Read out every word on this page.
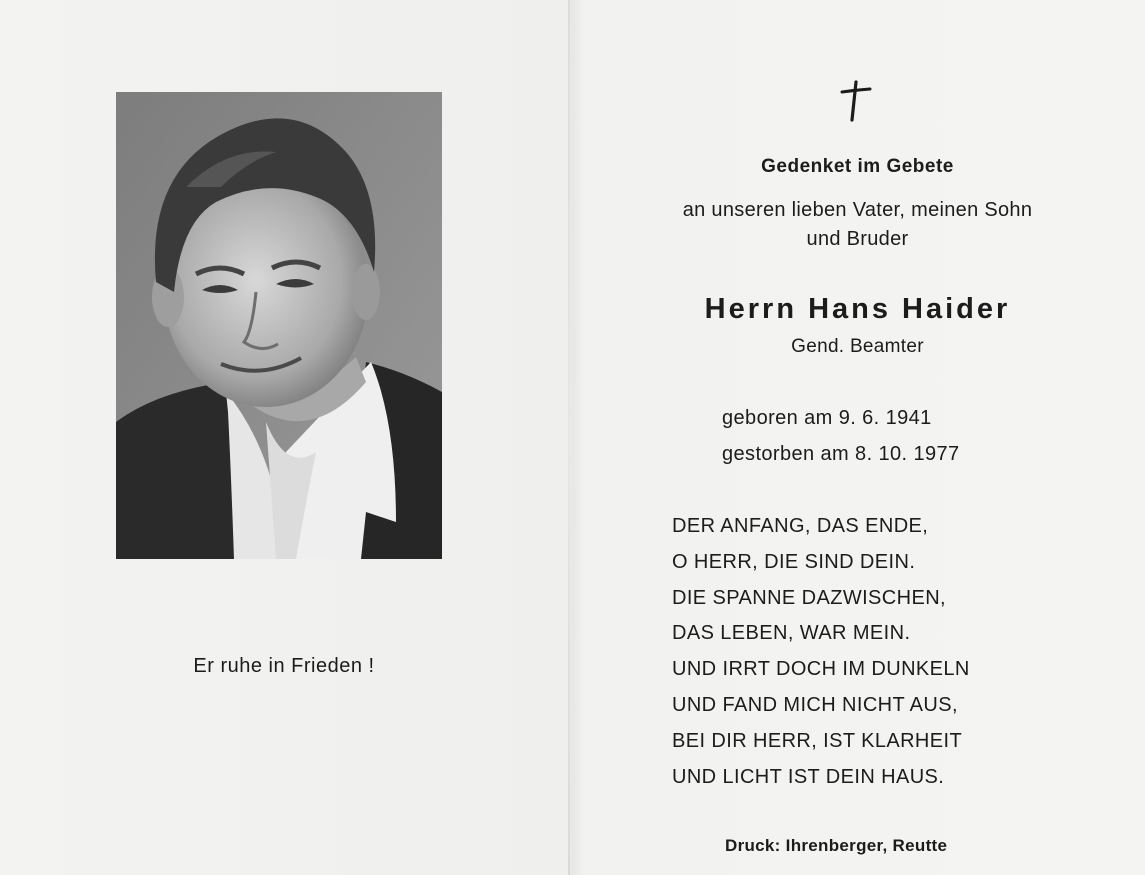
Er ruhe in Frieden !
Gedenket im Gebete
an unseren lieben Vater, meinen Sohn
und Bruder
Herrn Hans Haider
Gend. Beamter
geboren am 9. 6. 1941
gestorben am 8. 10. 1977
DER ANFANG, DAS ENDE,
O HERR, DIE SIND DEIN.
DIE SPANNE DAZWISCHEN,
DAS LEBEN, WAR MEIN.
UND IRRT DOCH IM DUNKELN
UND FAND MICH NICHT AUS,
BEI DIR HERR, IST KLARHEIT
UND LICHT IST DEIN HAUS.
Druck: Ihrenberger, Reutte
